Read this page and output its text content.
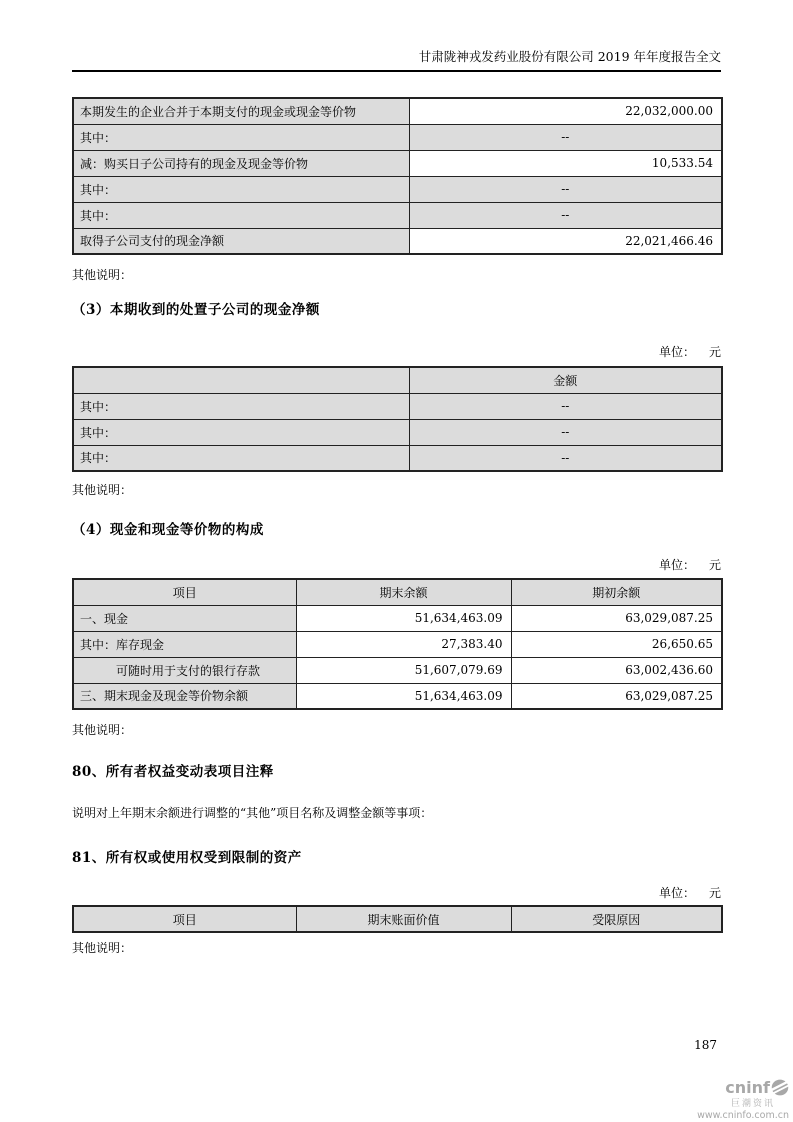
甘肃陇神戎发药业股份有限公司 2019 年年度报告全文
本期发生的企业合并于本期支付的现金或现金等价物	22,032,000.00
其中：	--
减：购买日子公司持有的现金及现金等价物	10,533.54
其中：	--
其中：	--
取得子公司支付的现金净额	22,021,466.46
其他说明：
（3）本期收到的处置子公司的现金净额
单位： 元
	金额
其中：	--
其中：	--
其中：	--
其他说明：
（4）现金和现金等价物的构成
单位： 元
项目	期末余额	期初余额
一、现金	51,634,463.09	63,029,087.25
其中：库存现金	27,383.40	26,650.65
可随时用于支付的银行存款	51,607,079.69	63,002,436.60
三、期末现金及现金等价物余额	51,634,463.09	63,029,087.25
其他说明：
80、所有者权益变动表项目注释
说明对上年期末余额进行调整的“其他”项目名称及调整金额等事项：
81、所有权或使用权受到限制的资产
单位： 元
项目	期末账面价值	受限原因
其他说明：
187
cninf
巨潮资讯
www.cninfo.com.cn
